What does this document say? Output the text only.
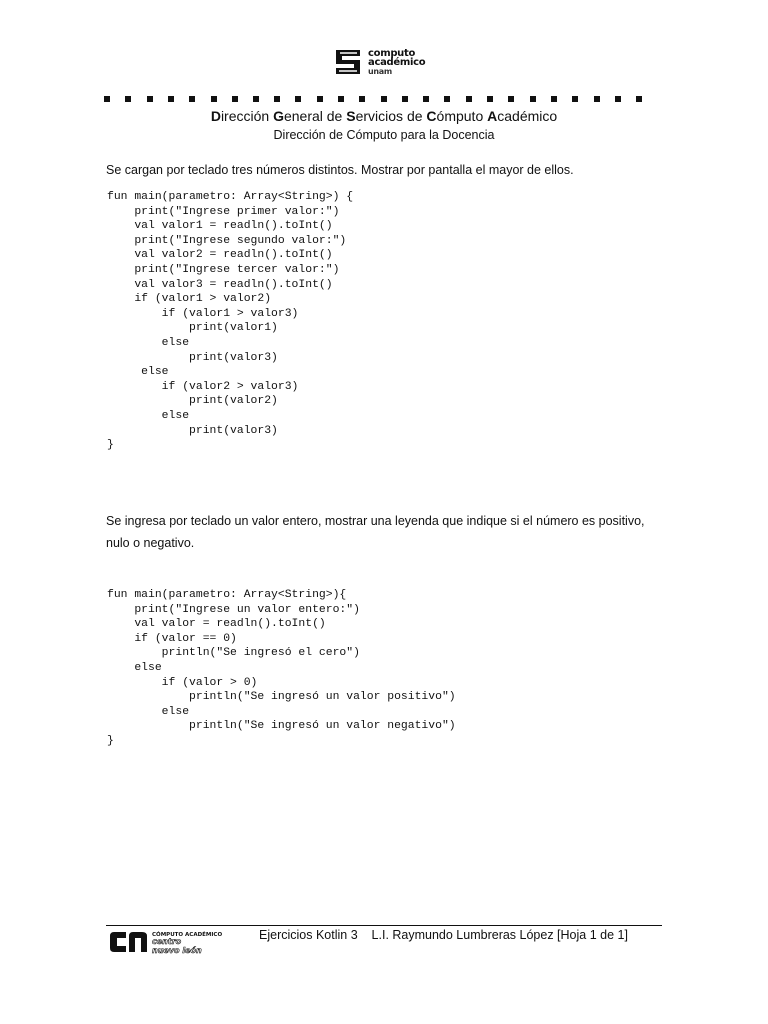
computo
académico
unam
Dirección General de Servicios de Cómputo Académico
Dirección de Cómputo para la Docencia
Se cargan por teclado tres números distintos. Mostrar por pantalla el mayor de ellos.
fun main(parametro: Array<String>) {
print("Ingrese primer valor:")
val valor1 = readln().toInt()
print("Ingrese segundo valor:")
val valor2 = readln().toInt()
print("Ingrese tercer valor:")
val valor3 = readln().toInt()
if (valor1 > valor2)
if (valor1 > valor3)
print(valor1)
else
print(valor3)
else
if (valor2 > valor3)
print(valor2)
else
print(valor3)
}
Se ingresa por teclado un valor entero, mostrar una leyenda que indique si el número es positivo, nulo o negativo.
fun main(parametro: Array<String>){
print("Ingrese un valor entero:")
val valor = readln().toInt()
if (valor == 0)
println("Se ingresó el cero")
else
if (valor > 0)
println("Se ingresó un valor positivo")
else
println("Se ingresó un valor negativo")
}
CÓMPUTO ACADÉMICO
centro
nuevo león
Ejercicios Kotlin 3    L.I. Raymundo Lumbreras López [Hoja 1 de 1]
